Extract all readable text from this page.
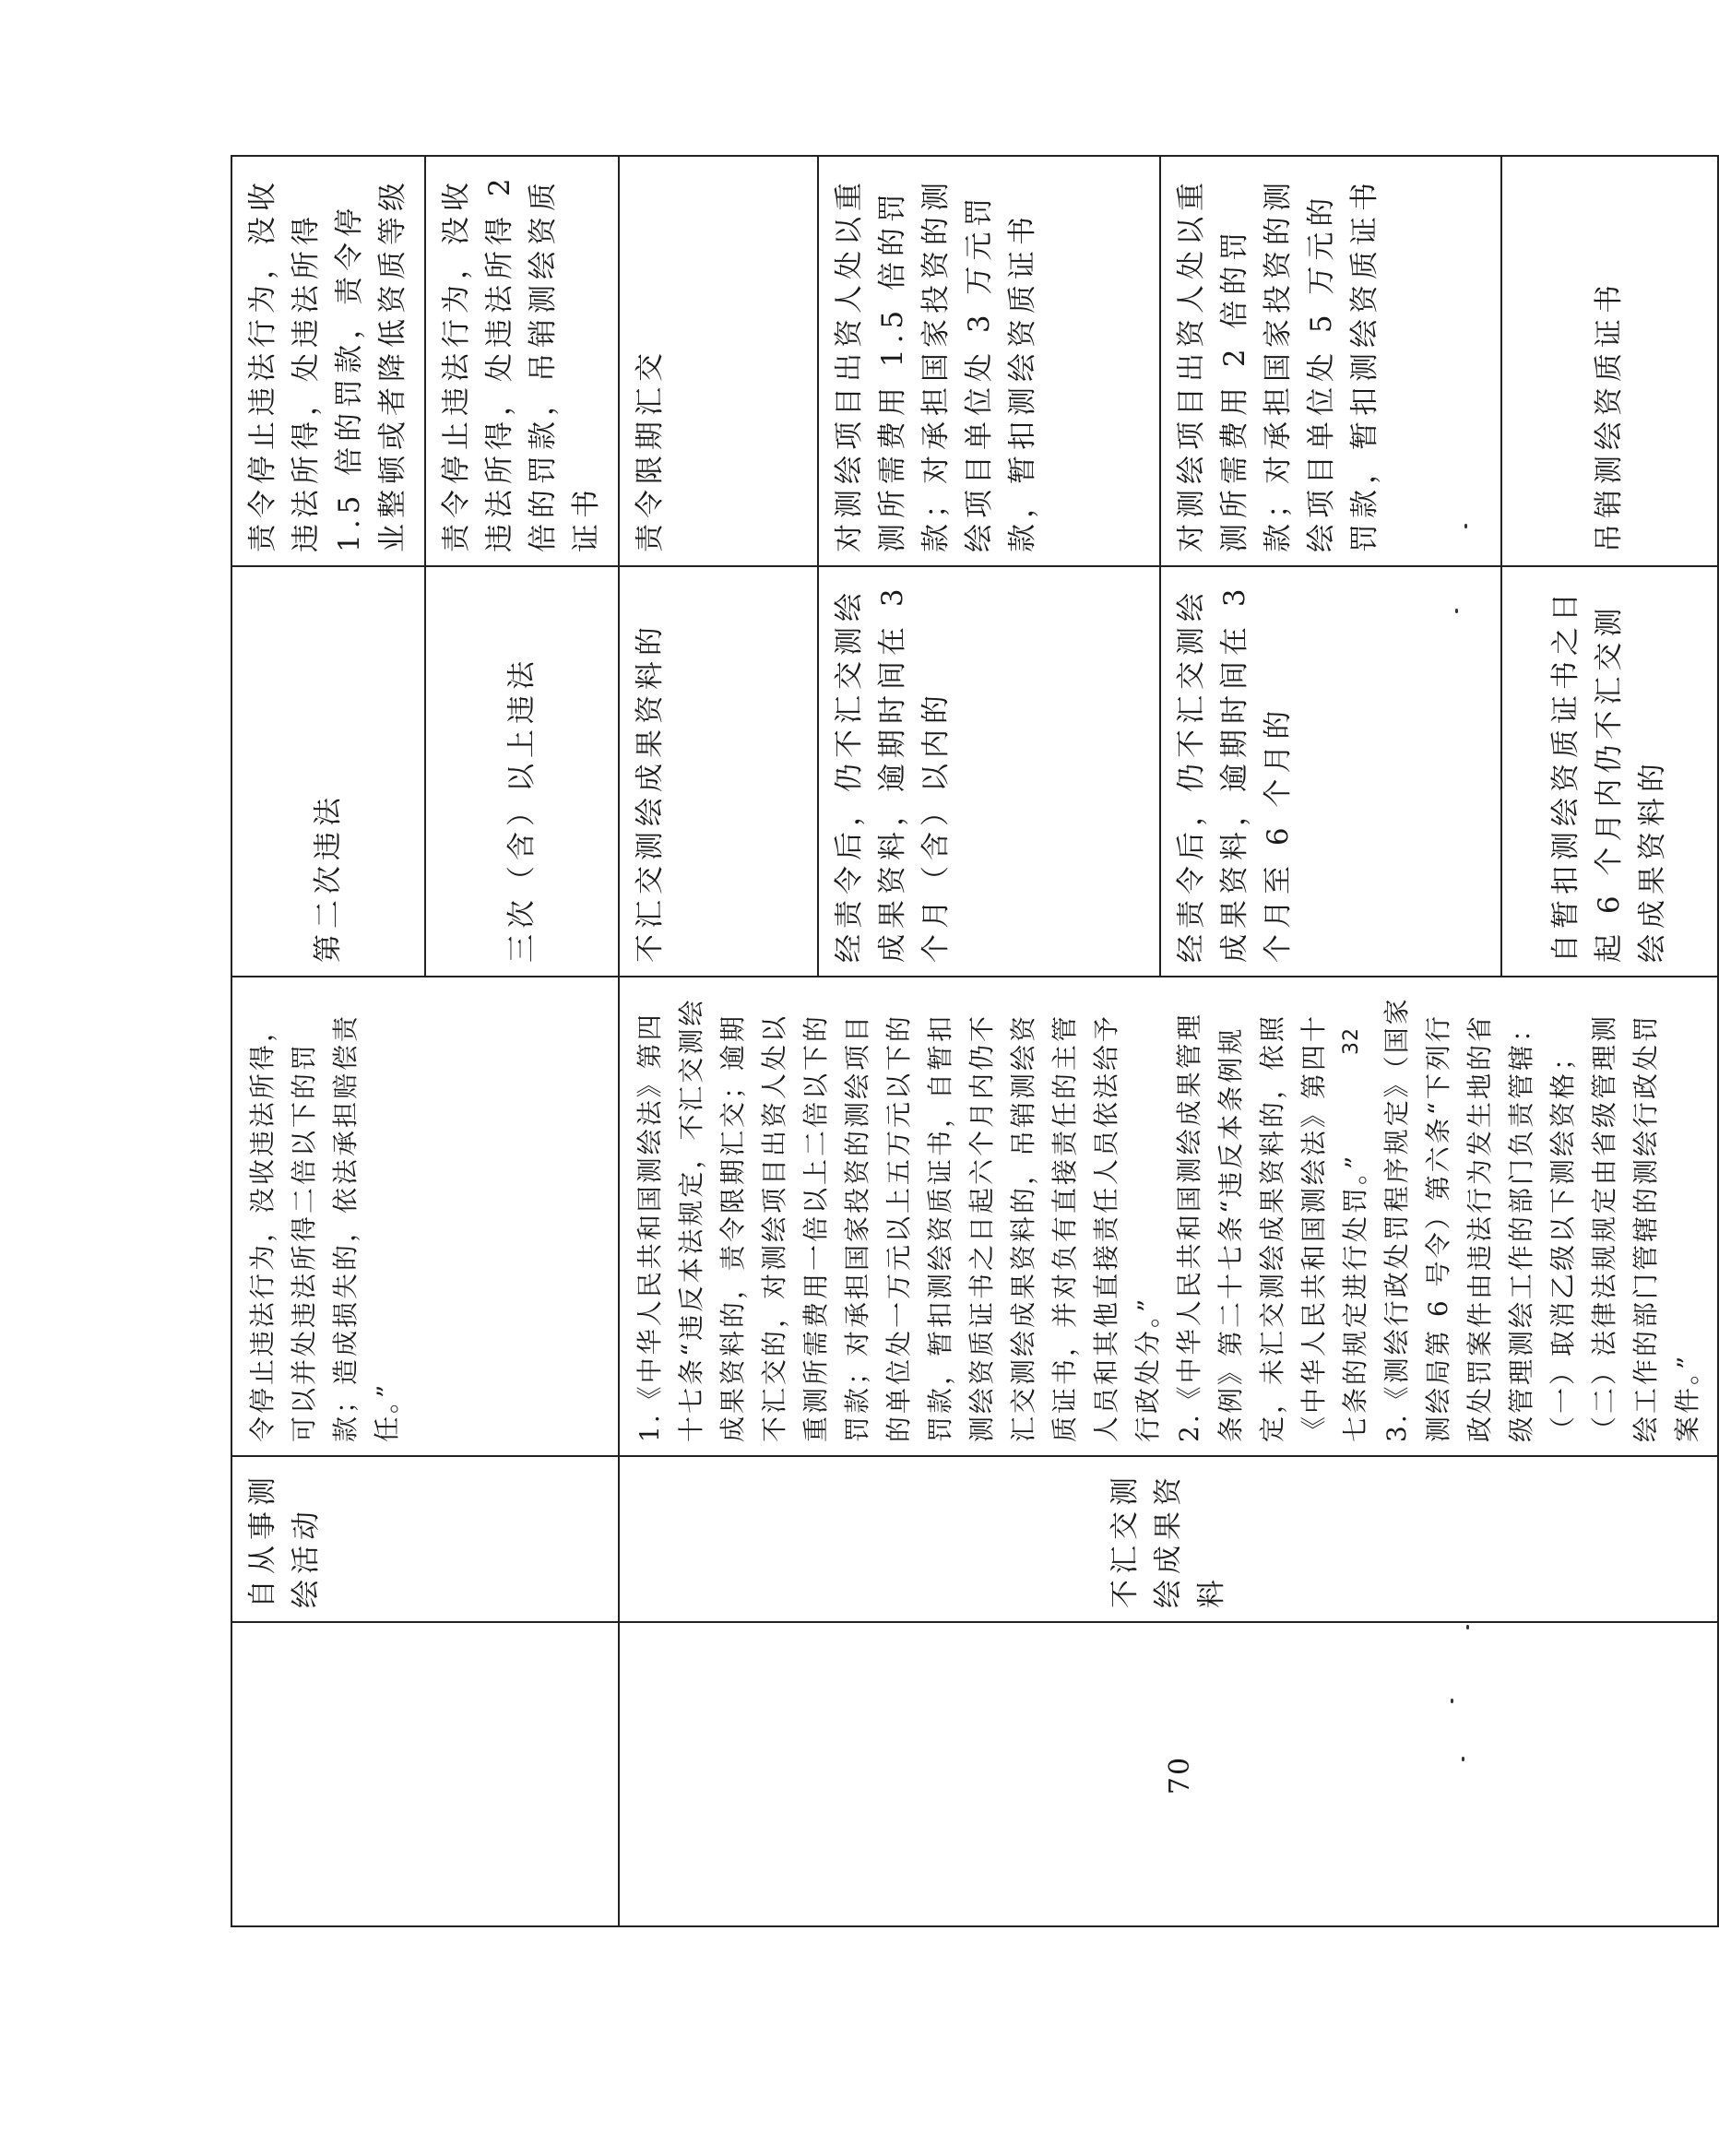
	自从事测绘活动	令停止违法行为，没收违法所得，可以并处违法所得二倍以下的罚款；造成损失的，依法承担赔偿责任。”	第二次违法	责令停止违法行为，没收违法所得，处违法所得 1.5 倍的罚款，责令停业整顿或者降低资质等级

			三次（含）以上违法	责令停止违法行为，没收违法所得，处违法所得 2 倍的罚款，吊销测绘资质证书

	不汇交测绘成果资料	1.《中华人民共和国测绘法》第四十七条“违反本法规定，不汇交测绘成果资料的，责令限期汇交；逾期不汇交的，对测绘项目出资人处以重测所需费用一倍以上二倍以下的罚款；对承担国家投资的测绘项目的单位处一万元以上五万元以下的罚款，暂扣测绘资质证书，自暂扣测绘资质证书之日起六个月内仍不汇交测绘成果资料的，吊销测绘资质证书，并对负有直接责任的主管人员和其他直接责任人员依法给予行政处分。” 2.《中华人民共和国测绘成果管理条例》第二十七条“违反本条例规定，未汇交测绘成果资料的，依照《中华人民共和国测绘法》第四十七条的规定进行处罚。” 3.《测绘行政处罚程序规定》（国家测绘局第 6 号令）第六条“下列行政处罚案件由违法行为发生地的省级管理测绘工作的部门负责管辖：（一）取消乙级以下测绘资格；（二）法律法规规定由省级管理测绘工作的部门管辖的测绘行政处罚案件。”	不汇交测绘成果资料的	责令限期汇交

			经责令后，仍不汇交测绘成果资料，逾期时间在 3 个月（含）以内的	对测绘项目出资人处以重测所需费用 1.5 倍的罚款；对承担国家投资的测绘项目单位处 3 万元罚款，暂扣测绘资质证书

			经责令后，仍不汇交测绘成果资料，逾期时间在 3 个月至 6 个月的	对测绘项目出资人处以重测所需费用 2 倍的罚款；对承担国家投资的测绘项目单位处 5 万元的罚款，暂扣测绘资质证书

			自暂扣测绘资质证书之日起 6 个月内仍不汇交测绘成果资料的	吊销测绘资质证书

70
32
